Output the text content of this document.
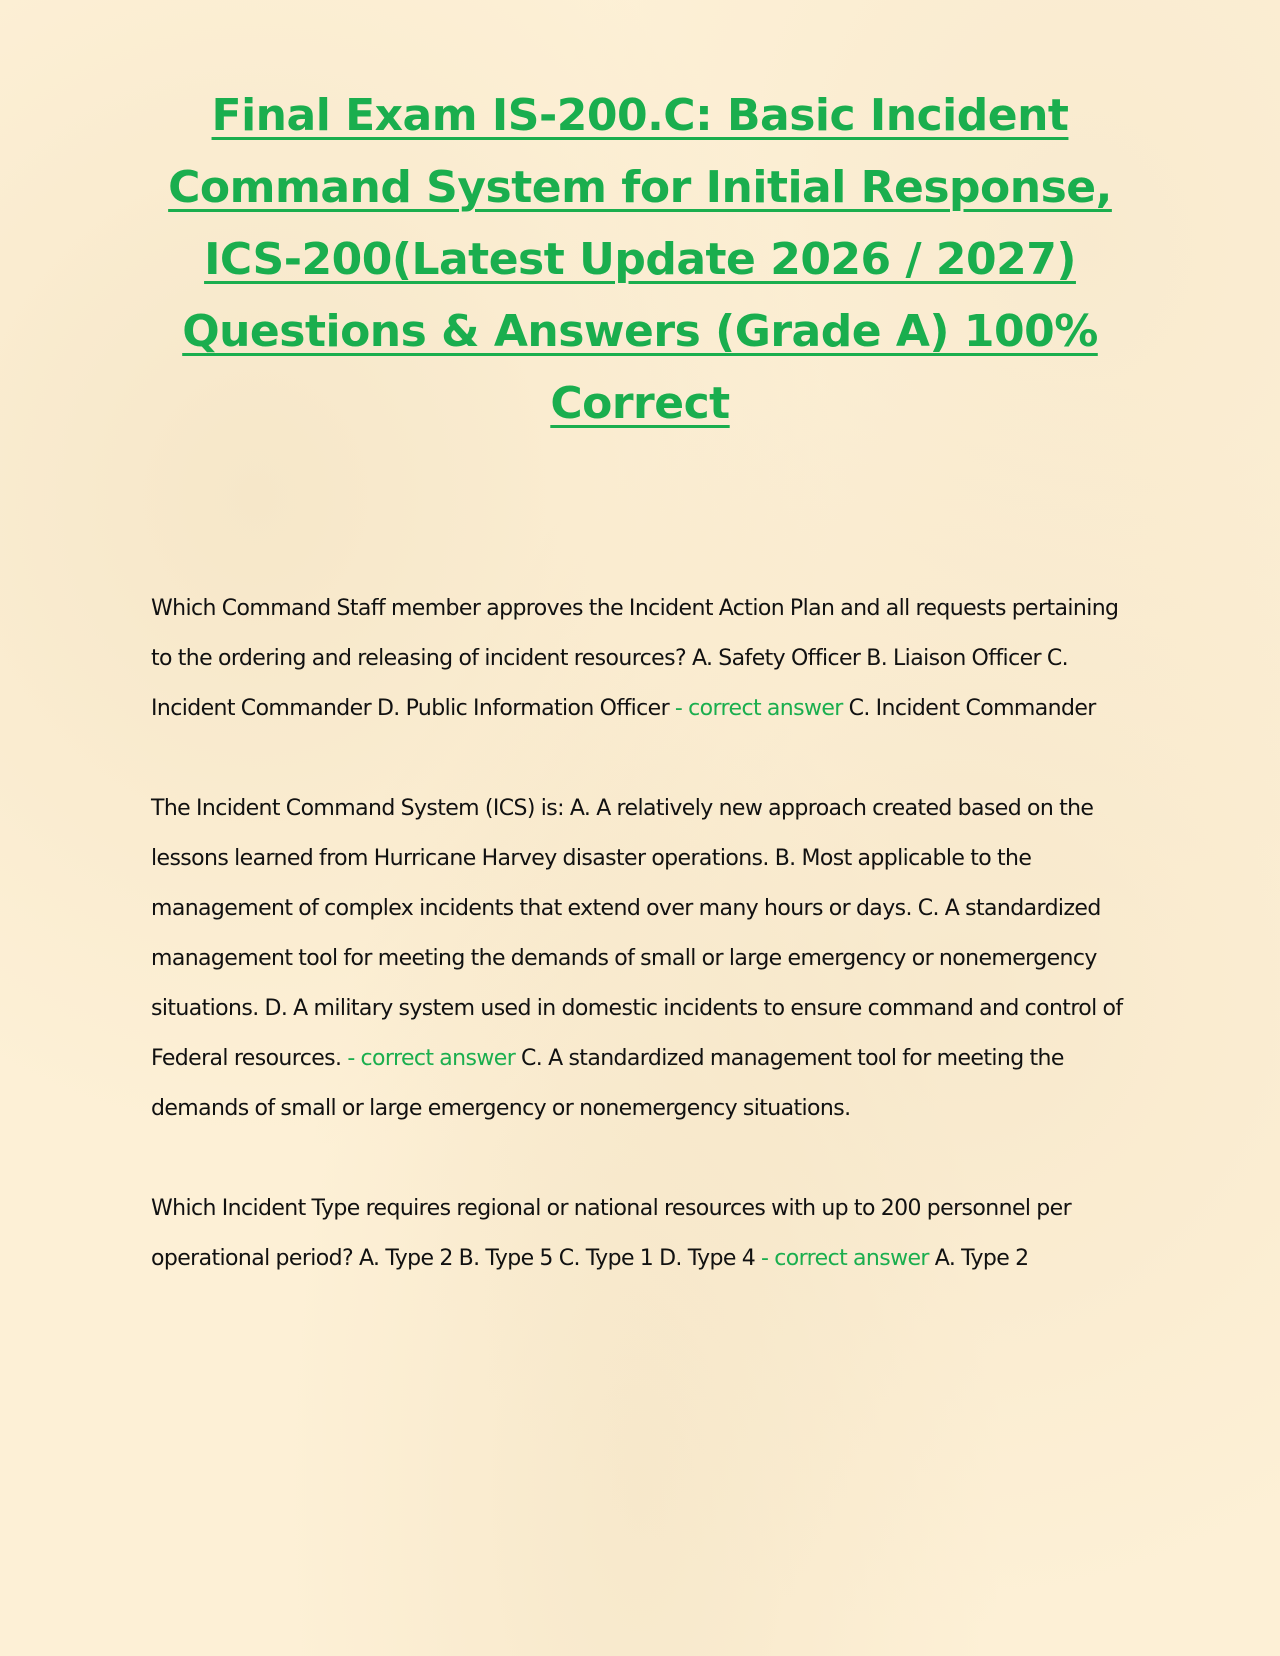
Final Exam IS-200.C: Basic Incident Command System for Initial Response, ICS-200(Latest Update 2026 / 2027) Questions & Answers (Grade A) 100% Correct

Which Command Staff member approves the Incident Action Plan and all requests pertaining to the ordering and releasing of incident resources? A. Safety Officer B. Liaison Officer C. Incident Commander D. Public Information Officer - correct answer C. Incident Commander

The Incident Command System (ICS) is: A. A relatively new approach created based on the lessons learned from Hurricane Harvey disaster operations. B. Most applicable to the management of complex incidents that extend over many hours or days. C. A standardized management tool for meeting the demands of small or large emergency or nonemergency situations. D. A military system used in domestic incidents to ensure command and control of Federal resources. - correct answer C. A standardized management tool for meeting the demands of small or large emergency or nonemergency situations.

Which Incident Type requires regional or national resources with up to 200 personnel per operational period? A. Type 2 B. Type 5 C. Type 1 D. Type 4 - correct answer A. Type 2
